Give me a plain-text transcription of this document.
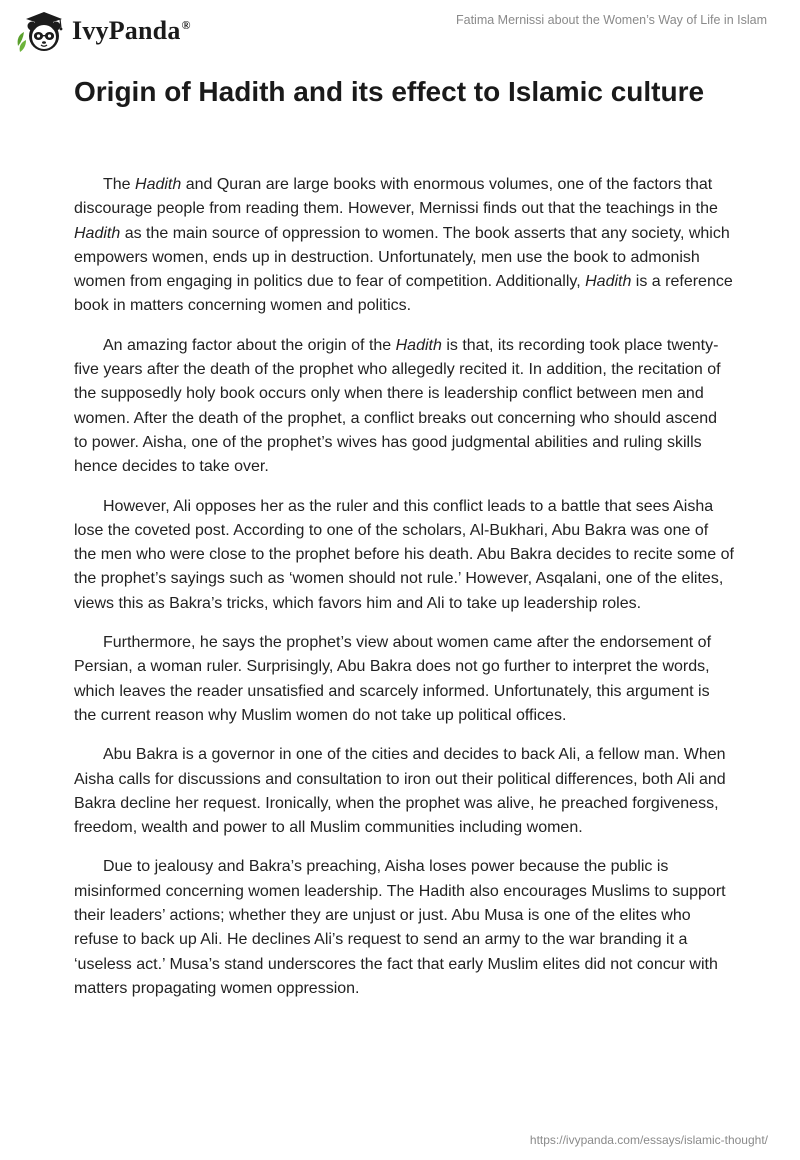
IvyPanda®	Fatima Mernissi about the Women’s Way of Life in Islam
Origin of Hadith and its effect to Islamic culture

The Hadith and Quran are large books with enormous volumes, one of the factors that discourage people from reading them. However, Mernissi finds out that the teachings in the Hadith as the main source of oppression to women. The book asserts that any society, which empowers women, ends up in destruction. Unfortunately, men use the book to admonish women from engaging in politics due to fear of competition. Additionally, Hadith is a reference book in matters concerning women and politics.

An amazing factor about the origin of the Hadith is that, its recording took place twenty-five years after the death of the prophet who allegedly recited it. In addition, the recitation of the supposedly holy book occurs only when there is leadership conflict between men and women. After the death of the prophet, a conflict breaks out concerning who should ascend to power. Aisha, one of the prophet’s wives has good judgmental abilities and ruling skills hence decides to take over.

However, Ali opposes her as the ruler and this conflict leads to a battle that sees Aisha lose the coveted post. According to one of the scholars, Al-Bukhari, Abu Bakra was one of the men who were close to the prophet before his death. Abu Bakra decides to recite some of the prophet’s sayings such as ‘women should not rule.’ However, Asqalani, one of the elites, views this as Bakra’s tricks, which favors him and Ali to take up leadership roles.

Furthermore, he says the prophet’s view about women came after the endorsement of Persian, a woman ruler. Surprisingly, Abu Bakra does not go further to interpret the words, which leaves the reader unsatisfied and scarcely informed. Unfortunately, this argument is the current reason why Muslim women do not take up political offices.

Abu Bakra is a governor in one of the cities and decides to back Ali, a fellow man. When Aisha calls for discussions and consultation to iron out their political differences, both Ali and Bakra decline her request. Ironically, when the prophet was alive, he preached forgiveness, freedom, wealth and power to all Muslim communities including women.

Due to jealousy and Bakra’s preaching, Aisha loses power because the public is misinformed concerning women leadership. The Hadith also encourages Muslims to support their leaders’ actions; whether they are unjust or just. Abu Musa is one of the elites who refuse to back up Ali. He declines Ali’s request to send an army to the war branding it a ‘useless act.’ Musa’s stand underscores the fact that early Muslim elites did not concur with matters propagating women oppression.

https://ivypanda.com/essays/islamic-thought/
